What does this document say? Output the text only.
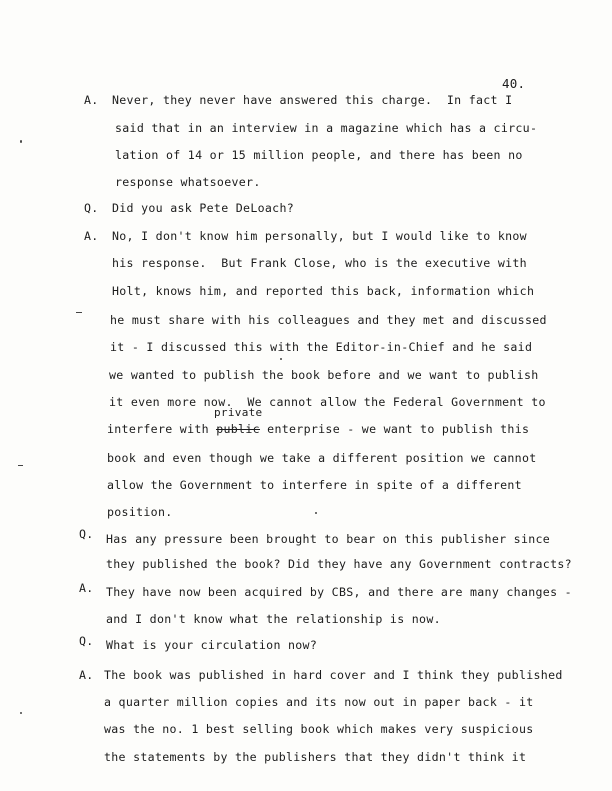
40.
A.
Q.
A.
Q.
A.
Q.
A.
Never, they never have answered this charge.  In fact I
said that in an interview in a magazine which has a circu-
lation of 14 or 15 million people, and there has been no
response whatsoever.
Did you ask Pete DeLoach?
No, I don't know him personally, but I would like to know
his response.  But Frank Close, who is the executive with
Holt, knows him, and reported this back, information which
he must share with his colleagues and they met and discussed
it - I discussed this with the Editor-in-Chief and he said
we wanted to publish the book before and we want to publish
it even more now.  We cannot allow the Federal Government to
private
interfere with public enterprise - we want to publish this
book and even though we take a different position we cannot
allow the Government to interfere in spite of a different
position.
Has any pressure been brought to bear on this publisher since
they published the book? Did they have any Government contracts?
They have now been acquired by CBS, and there are many changes -
and I don't know what the relationship is now.
What is your circulation now?
The book was published in hard cover and I think they published
a quarter million copies and its now out in paper back - it
was the no. 1 best selling book which makes very suspicious
the statements by the publishers that they didn't think it
